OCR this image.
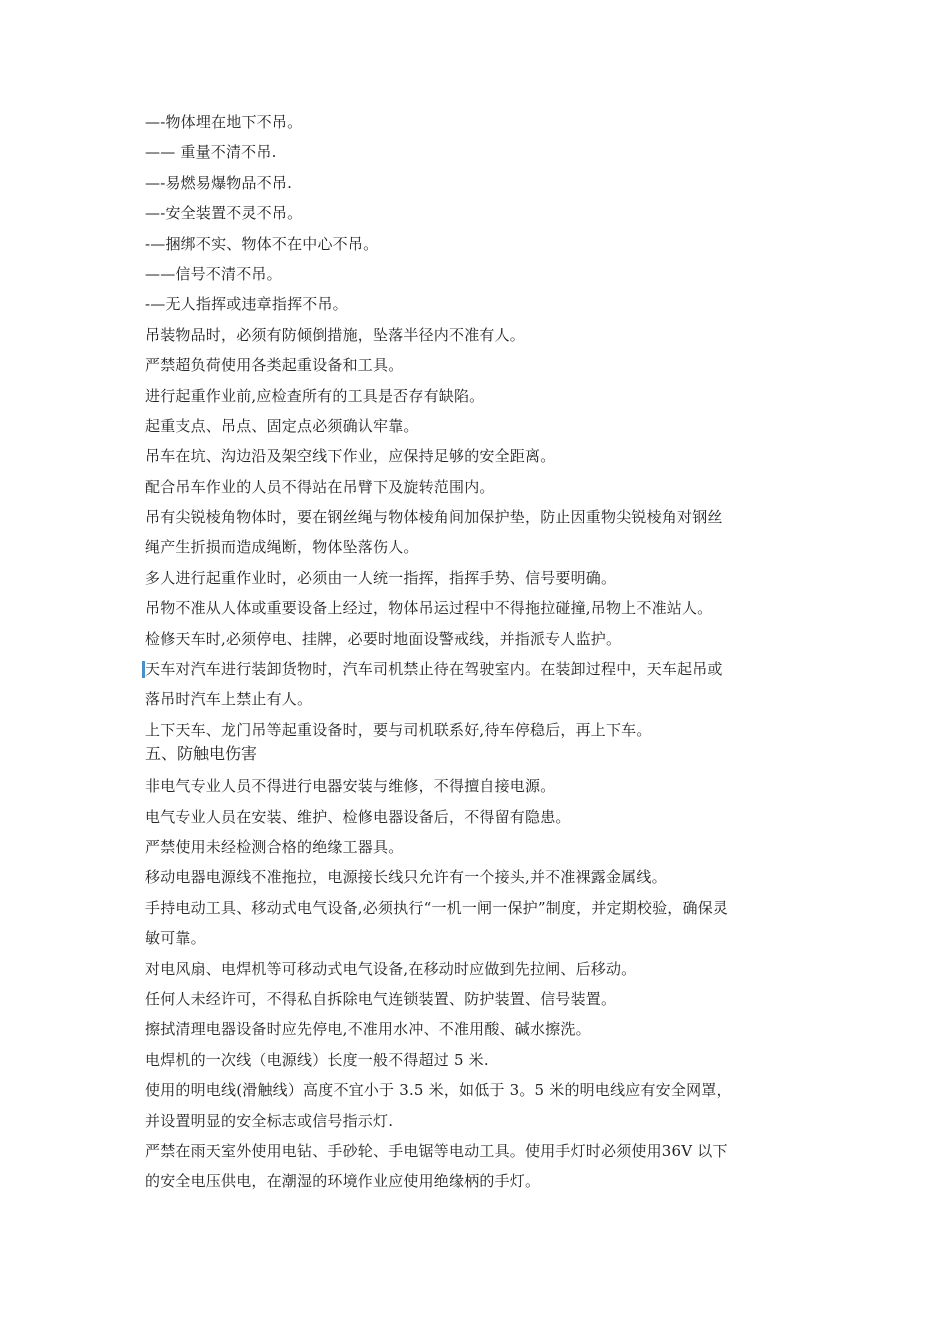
—-物体埋在地下不吊。
—— 重量不清不吊.
—-易燃易爆物品不吊.
—-安全装置不灵不吊。
-—捆绑不实、物体不在中心不吊。
——信号不清不吊。
-—无人指挥或违章指挥不吊。
吊装物品时，必须有防倾倒措施，坠落半径内不准有人。
严禁超负荷使用各类起重设备和工具。
进行起重作业前,应检查所有的工具是否存有缺陷。
起重支点、吊点、固定点必须确认牢靠。
吊车在坑、沟边沿及架空线下作业，应保持足够的安全距离。
配合吊车作业的人员不得站在吊臂下及旋转范围内。
吊有尖锐棱角物体时，要在钢丝绳与物体棱角间加保护垫，防止因重物尖锐棱角对钢丝
绳产生折损而造成绳断，物体坠落伤人。
多人进行起重作业时，必须由一人统一指挥，指挥手势、信号要明确。
吊物不准从人体或重要设备上经过，物体吊运过程中不得拖拉碰撞,吊物上不准站人。
检修天车时,必须停电、挂牌，必要时地面设警戒线，并指派专人监护。
天车对汽车进行装卸货物时，汽车司机禁止待在驾驶室内。在装卸过程中，天车起吊或
落吊时汽车上禁止有人。
上下天车、龙门吊等起重设备时，要与司机联系好,待车停稳后，再上下车。
五、防触电伤害
非电气专业人员不得进行电器安装与维修，不得擅自接电源。
电气专业人员在安装、维护、检修电器设备后，不得留有隐患。
严禁使用未经检测合格的绝缘工器具。
移动电器电源线不准拖拉，电源接长线只允许有一个接头,并不准裸露金属线。
手持电动工具、移动式电气设备,必须执行“一机一闸一保护”制度，并定期校验，确保灵
敏可靠。
对电风扇、电焊机等可移动式电气设备,在移动时应做到先拉闸、后移动。
任何人未经许可，不得私自拆除电气连锁装置、防护装置、信号装置。
擦拭清理电器设备时应先停电,不准用水冲、不准用酸、碱水擦洗。
电焊机的一次线（电源线）长度一般不得超过 5 米.
使用的明电线(滑触线）高度不宜小于 3.5 米，如低于 3。5 米的明电线应有安全网罩，
并设置明显的安全标志或信号指示灯.
严禁在雨天室外使用电钻、手砂轮、手电锯等电动工具。使用手灯时必须使用36V 以下
的安全电压供电，在潮湿的环境作业应使用绝缘柄的手灯。
